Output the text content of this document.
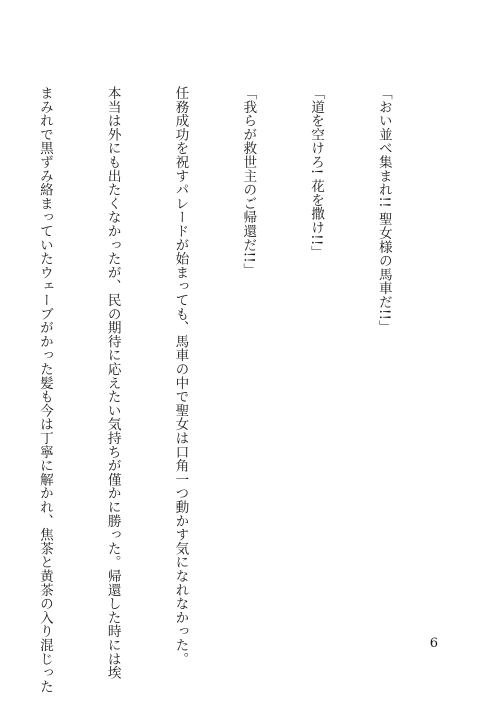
「おい並べ集まれ!! 聖女様の馬車だ!!」

「道を空けろ! 花を撒け!!」

「我らが救世主のご帰還だ!!」

任務成功を祝すパレードが始まっても、馬車の中で聖女は口角一つ動かす気になれなかった。

本当は外にも出たくなかったが、民の期待に応えたい気持ちが僅かに勝った。帰還した時には埃

まみれで黒ずみ絡まっていたウェーブがかった髪も今は丁寧に解かれ、焦茶と黄茶の入り混じった

	6
